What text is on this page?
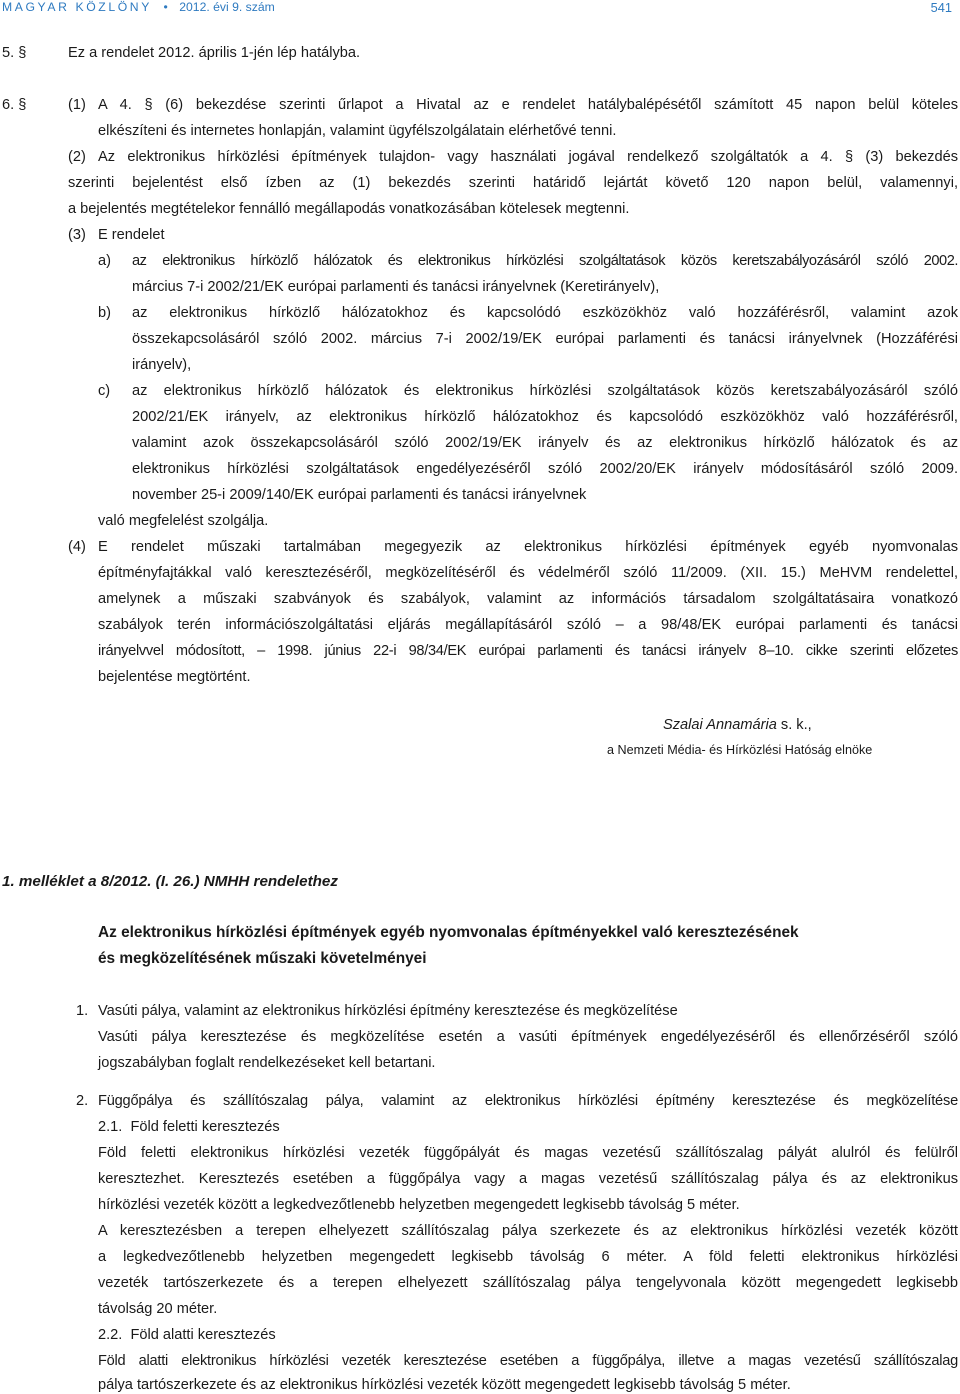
MAGYAR KÖZLÖNY • 2012. évi 9. szám	541
5. §	Ez a rendelet 2012. április 1-jén lép hatályba.
6. §	(1) A 4. § (6) bekezdése szerinti űrlapot a Hivatal az e rendelet hatálybalépésétől számított 45 napon belül köteles
elkészíteni és internetes honlapján, valamint ügyfélszolgálatain elérhetővé tenni.
(2) Az elektronikus hírközlési építmények tulajdon- vagy használati jogával rendelkező szolgáltatók a 4. § (3) bekezdés
szerinti bejelentést első ízben az (1) bekezdés szerinti határidő lejártát követő 120 napon belül, valamennyi,
a bejelentés megtételekor fennálló megállapodás vonatkozásában kötelesek megtenni.
(3) E rendelet
a) az elektronikus hírközlő hálózatok és elektronikus hírközlési szolgáltatások közös keretszabályozásáról szóló 2002.
március 7-i 2002/21/EK európai parlamenti és tanácsi irányelvnek (Keretirányelv),
b) az elektronikus hírközlő hálózatokhoz és kapcsolódó eszközökhöz való hozzáférésről, valamint azok
összekapcsolásáról szóló 2002. március 7-i 2002/19/EK európai parlamenti és tanácsi irányelvnek (Hozzáférési
irányelv),
c) az elektronikus hírközlő hálózatok és elektronikus hírközlési szolgáltatások közös keretszabályozásáról szóló
2002/21/EK irányelv, az elektronikus hírközlő hálózatokhoz és kapcsolódó eszközökhöz való hozzáférésről,
valamint azok összekapcsolásáról szóló 2002/19/EK irányelv és az elektronikus hírközlő hálózatok és az
elektronikus hírközlési szolgáltatások engedélyezéséről szóló 2002/20/EK irányelv módosításáról szóló 2009.
november 25-i 2009/140/EK európai parlamenti és tanácsi irányelvnek
való megfelelést szolgálja.
(4) E rendelet műszaki tartalmában megegyezik az elektronikus hírközlési építmények egyéb nyomvonalas
építményfajtákkal való keresztezéséről, megközelítéséről és védelméről szóló 11/2009. (XII. 15.) MeHVM rendelettel,
amelynek a műszaki szabványok és szabályok, valamint az információs társadalom szolgáltatásaira vonatkozó
szabályok terén információszolgáltatási eljárás megállapításáról szóló – a 98/48/EK európai parlamenti és tanácsi
irányelvvel módosított, – 1998. június 22-i 98/34/EK európai parlamenti és tanácsi irányelv 8–10. cikke szerinti előzetes
bejelentése megtörtént.
Szalai Annamária s. k.,
a Nemzeti Média- és Hírközlési Hatóság elnöke
1. melléklet a 8/2012. (I. 26.) NMHH rendelethez
Az elektronikus hírközlési építmények egyéb nyomvonalas építményekkel való keresztezésének
és megközelítésének műszaki követelményei
1. Vasúti pálya, valamint az elektronikus hírközlési építmény keresztezése és megközelítése
Vasúti pálya keresztezése és megközelítése esetén a vasúti építmények engedélyezéséről és ellenőrzéséről szóló
jogszabályban foglalt rendelkezéseket kell betartani.
2. Függőpálya és szállítószalag pálya, valamint az elektronikus hírközlési építmény keresztezése és megközelítése
2.1.  Föld feletti keresztezés
Föld feletti elektronikus hírközlési vezeték függőpályát és magas vezetésű szállítószalag pályát alulról és felülről
keresztezhet. Keresztezés esetében a függőpálya vagy a magas vezetésű szállítószalag pálya és az elektronikus
hírközlési vezeték között a legkedvezőtlenebb helyzetben megengedett legkisebb távolság 5 méter.
A keresztezésben a terepen elhelyezett szállítószalag pálya szerkezete és az elektronikus hírközlési vezeték között
a legkedvezőtlenebb helyzetben megengedett legkisebb távolság 6 méter. A föld feletti elektronikus hírközlési
vezeték tartószerkezete és a terepen elhelyezett szállítószalag pálya tengelyvonala között megengedett legkisebb
távolság 20 méter.
2.2.  Föld alatti keresztezés
Föld alatti elektronikus hírközlési vezeték keresztezése esetében a függőpálya, illetve a magas vezetésű szállítószalag
pálya tartószerkezete és az elektronikus hírközlési vezeték között megengedett legkisebb távolság 5 méter.
